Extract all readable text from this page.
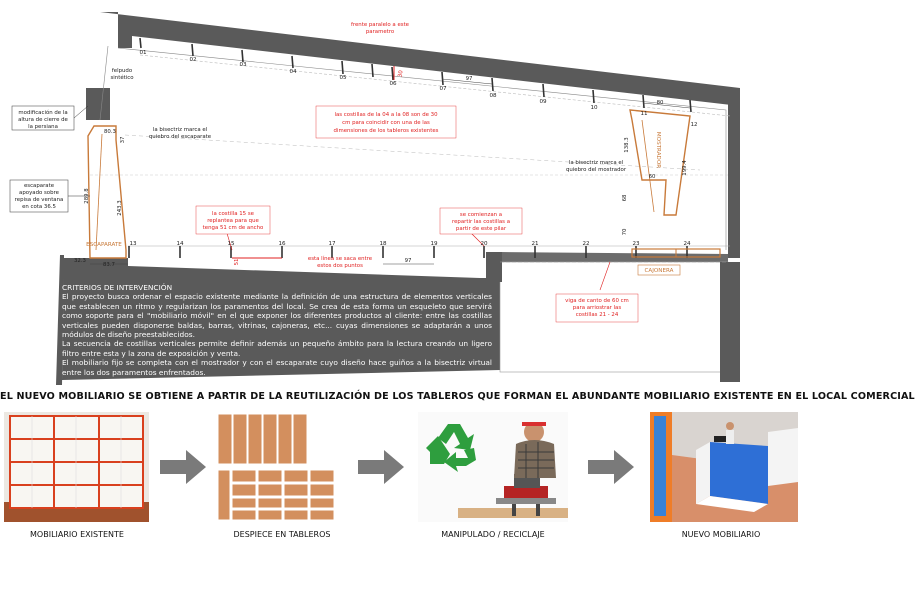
frente paralelo a este parametro
las costillas de la 04 a la 08 son de 30 cm para coincidir con una de las dimensiones de los tableros existentes
la costilla 15 se replantea para que tenga 51 cm de ancho
se comienzan a repartir las costillas a partir de este pilar
esta línea se saca entre estos dos puntos
viga de canto de 60 cm para arriostrar las costillas 21 - 24
felpudo sintético
modificación de la altura de cierre de la persiana
escaparate apoyado sobre repisa de ventana en cota 36.5
la bisectriz marca el quiebro del escaparate
la bisectriz marca el quiebro del mostrador
ESCAPARATE
MOSTRADOR
CAJONERA
01
02
03
04
05
06
07
08
09
10
11
13	14	15	16	17	18	19	20	21	22	23	24
30
97
80
12
138.3
199.4
60
68
70
80.3
37
243.3
289.8
32.3
83.7	51	97

CRITERIOS DE INTERVENCIÓN

El proyecto busca ordenar el espacio existente mediante la definición de una estructura de elementos verticales que establecen un ritmo y regularizan los paramentos del local. Se crea de esta forma un esqueleto que servirá como soporte para el "mobiliario móvil" en el que exponer los diferentes productos al cliente: entre las costillas verticales pueden disponerse baldas, barras, vitrinas, cajoneras, etc... cuyas dimensiones se adaptarán a unos módulos de diseño preestablecidos.

La secuencia de costillas verticales permite definir además un pequeño ámbito para la lectura creando un ligero filtro entre esta y la zona de exposición y venta.

El mobiliario fijo se completa con el mostrador y con el escaparate cuyo diseño hace guiños a la bisectriz virtual entre los dos paramentos enfrentados.

EL NUEVO MOBILIARIO SE OBTIENE A PARTIR DE LA REUTILIZACIÓN DE LOS TABLEROS QUE FORMAN EL ABUNDANTE MOBILIARIO EXISTENTE EN EL LOCAL COMERCIAL
MOBILIARIO EXISTENTE	DESPIECE EN TABLEROS	MANIPULADO / RECICLAJE	NUEVO MOBILIARIO
